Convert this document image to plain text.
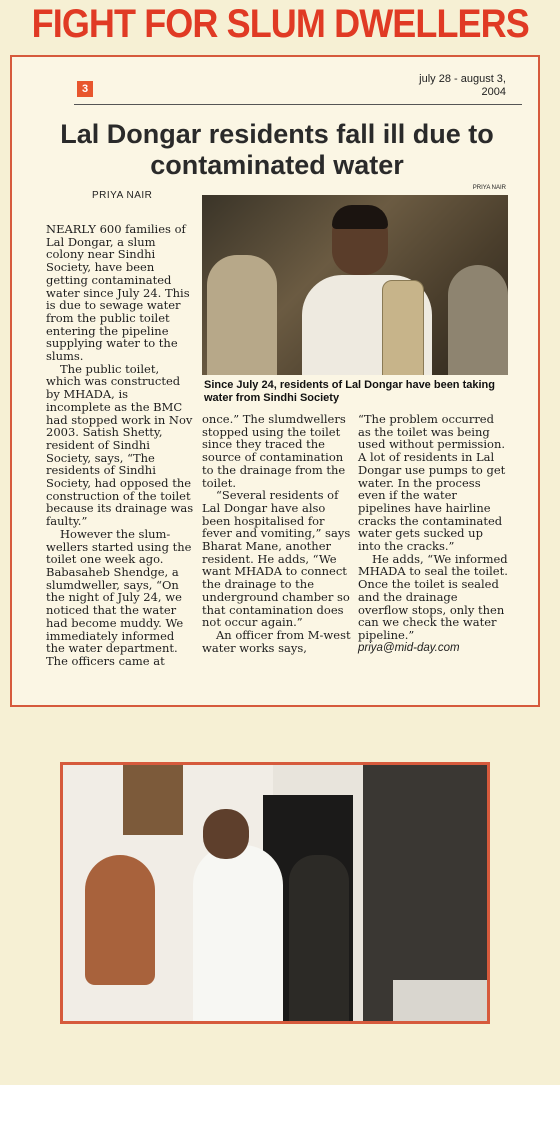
FIGHT FOR SLUM DWELLERS
3
july 28 - august 3,
2004
Lal Dongar residents fall ill due to
contaminated water
PRIYA NAIR
PRIYA NAIR
Since July 24, residents of Lal Dongar have been taking water from Sindhi Society

NEARLY 600 families of Lal Dongar, a slum colony near Sindhi Society, have been getting contaminated water since July 24. This is due to sewage water from the public toilet entering the pipeline supplying water to the slums.

The public toilet, which was constructed by MHADA, is incomplete as the BMC had stopped work in Nov 2003. Satish Shetty, resident of Sindhi Society, says, “The residents of Sindhi Society, had opposed the construction of the toilet because its drainage was faulty.”

However the slum-wellers started using the toilet one week ago. Babasaheb Shendge, a slumdweller, says, “On the night of July 24, we noticed that the water had become muddy. We immediately informed the water department. The officers came at

once.” The slumdwellers stopped using the toilet since they traced the source of contamination to the drainage from the toilet.

“Several residents of Lal Dongar have also been hospitalised for fever and vomiting,” says Bharat Mane, another resident. He adds, “We want MHADA to connect the drainage to the underground chamber so that contamination does not occur again.”

An officer from M-west water works says,

“The problem occurred as the toilet was being used without permission. A lot of residents in Lal Dongar use pumps to get water. In the process even if the water pipelines have hairline cracks the contaminated water gets sucked up into the cracks.”

He adds, “We informed MHADA to seal the toilet. Once the toilet is sealed and the drainage overflow stops, only then can we check the water pipeline.”

priya@mid-day.com
